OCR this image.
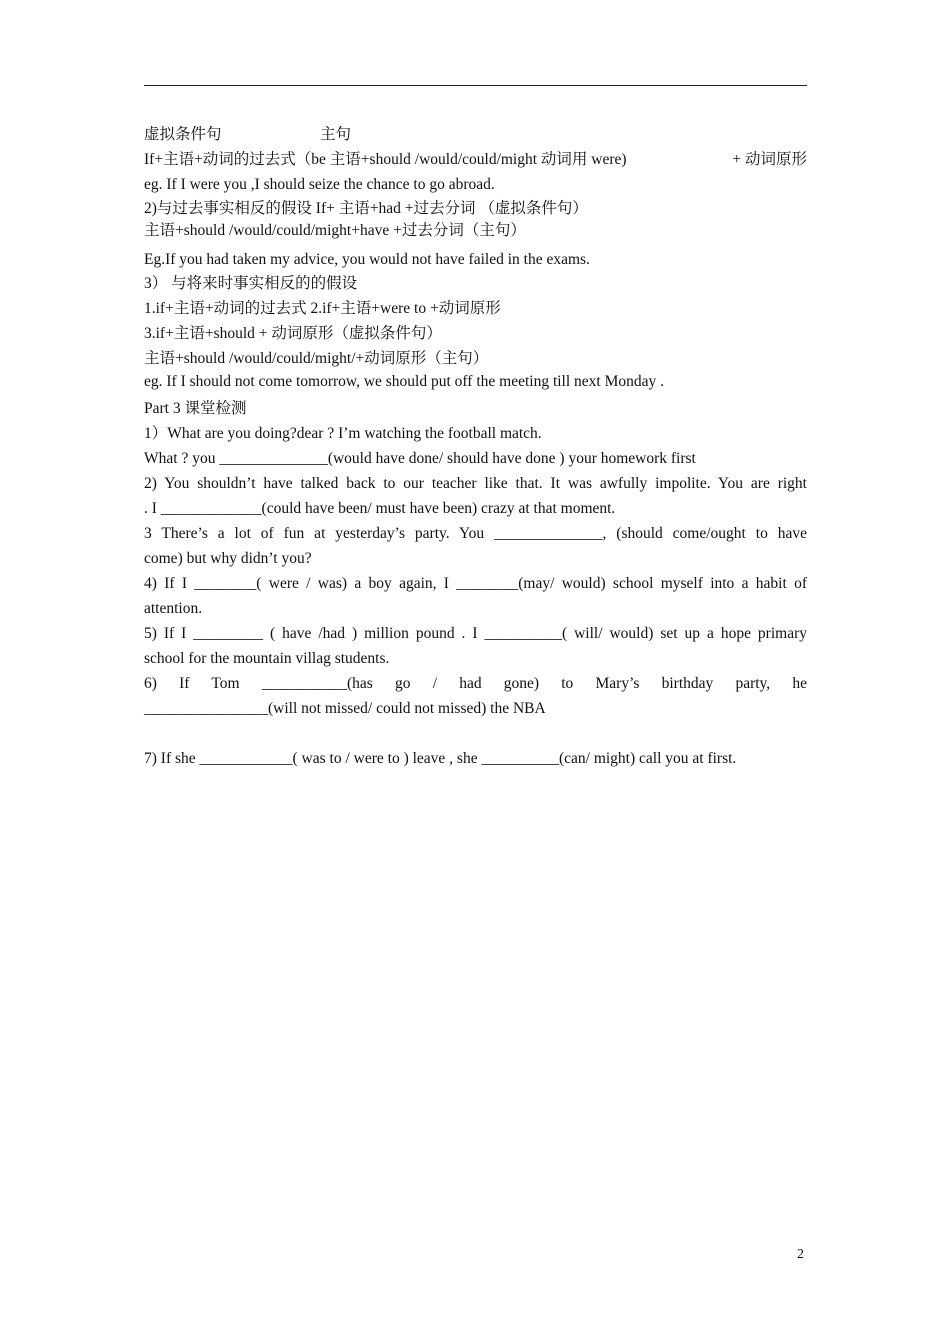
虚拟条件句	主句
If+主语+动词的过去式（be 主语+should /would/could/might 动词用 were)	+ 动词原形
eg. If I were you ,I should seize the chance to go abroad.
2)与过去事实相反的假设 If+ 主语+had +过去分词 （虚拟条件句）
主语+should /would/could/might+have +过去分词（主句）
Eg.If you had taken my advice, you would not have failed in the exams.
3） 与将来时事实相反的的假设
1.if+主语+动词的过去式 2.if+主语+were to +动词原形
3.if+主语+should + 动词原形（虚拟条件句）
主语+should /would/could/might/+动词原形（主句）
eg. If I should not come tomorrow, we should put off the meeting till next Monday .
Part 3 课堂检测
1）What are you doing?dear ? I’m watching the football match.
What ? you ______________(would have done/ should have done ) your homework first
2) You shouldn’t have talked back to our teacher like that. It was awfully impolite. You are right
. I _____________(could have been/ must have been) crazy at that moment.
3 There’s a lot of fun at yesterday’s party. You ______________, (should come/ought to have
come) but why didn’t you?
4) If I ________( were / was) a boy again, I ________(may/ would) school myself into a habit of
attention.
5) If I _________ ( have /had ) million pound . I __________( will/ would) set up a hope primary
school for the mountain villag students.
6) If Tom ___________(has go / had gone) to Mary’s birthday party, he
________________(will not missed/ could not missed) the NBA
7) If she ____________( was to / were to ) leave , she __________(can/ might) call you at first.
2
